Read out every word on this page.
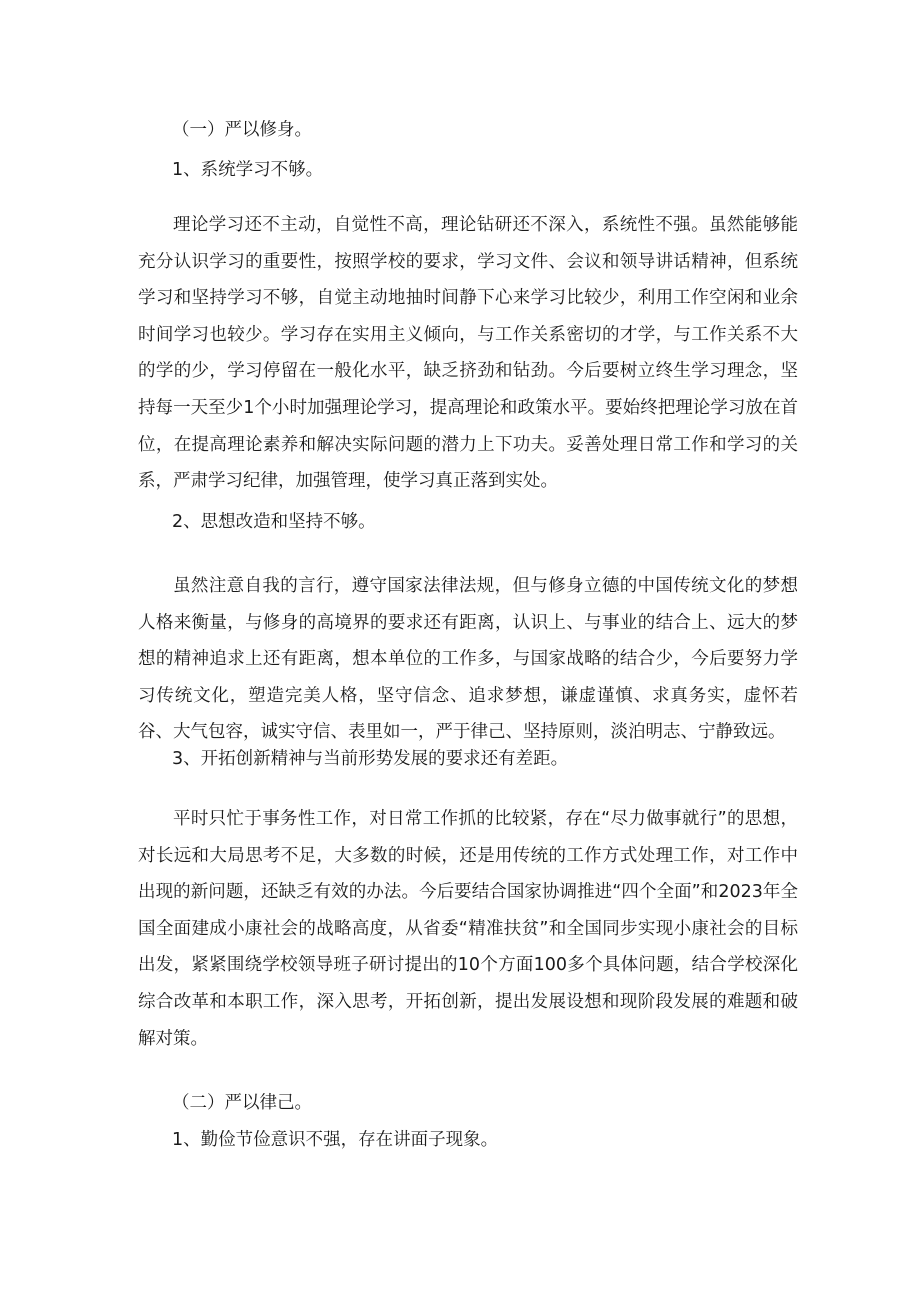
（一）严以修身。

1、系统学习不够。

理论学习还不主动，自觉性不高，理论钻研还不深入，系统性不强。虽然能够能充分认识学习的重要性，按照学校的要求，学习文件、会议和领导讲话精神，但系统学习和坚持学习不够，自觉主动地抽时间静下心来学习比较少，利用工作空闲和业余时间学习也较少。学习存在实用主义倾向，与工作关系密切的才学，与工作关系不大的学的少，学习停留在一般化水平，缺乏挤劲和钻劲。今后要树立终生学习理念，坚持每一天至少1个小时加强理论学习，提高理论和政策水平。要始终把理论学习放在首位，在提高理论素养和解决实际问题的潜力上下功夫。妥善处理日常工作和学习的关系，严肃学习纪律，加强管理，使学习真正落到实处。

2、思想改造和坚持不够。

虽然注意自我的言行，遵守国家法律法规，但与修身立德的中国传统文化的梦想人格来衡量，与修身的高境界的要求还有距离，认识上、与事业的结合上、远大的梦想的精神追求上还有距离，想本单位的工作多，与国家战略的结合少，今后要努力学习传统文化，塑造完美人格，坚守信念、追求梦想，谦虚谨慎、求真务实，虚怀若谷、大气包容，诚实守信、表里如一，严于律己、坚持原则，淡泊明志、宁静致远。

3、开拓创新精神与当前形势发展的要求还有差距。

平时只忙于事务性工作，对日常工作抓的比较紧，存在“尽力做事就行”的思想，对长远和大局思考不足，大多数的时候，还是用传统的工作方式处理工作，对工作中出现的新问题，还缺乏有效的办法。今后要结合国家协调推进“四个全面”和2023年全国全面建成小康社会的战略高度，从省委“精准扶贫”和全国同步实现小康社会的目标出发，紧紧围绕学校领导班子研讨提出的10个方面100多个具体问题，结合学校深化综合改革和本职工作，深入思考，开拓创新，提出发展设想和现阶段发展的难题和破解对策。

（二）严以律己。

1、勤俭节俭意识不强，存在讲面子现象。
